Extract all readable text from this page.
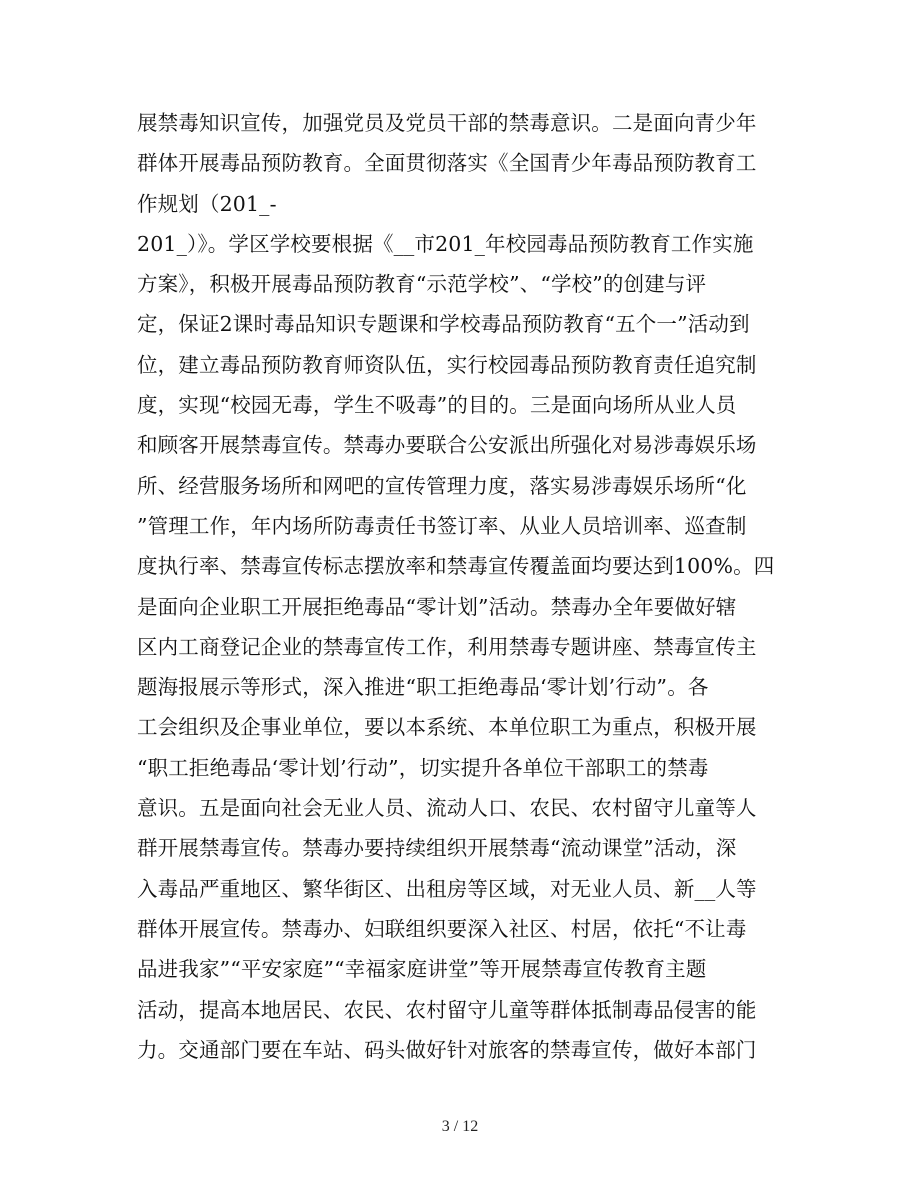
展禁毒知识宣传，加强党员及党员干部的禁毒意识。二是面向青少年
群体开展毒品预防教育。全面贯彻落实《全国青少年毒品预防教育工
作规划（201_-
201_）》。学区学校要根据《__市201_年校园毒品预防教育工作实施
方案》，积极开展毒品预防教育“示范学校”、“学校”的创建与评
定，保证2课时毒品知识专题课和学校毒品预防教育“五个一”活动到
位，建立毒品预防教育师资队伍，实行校园毒品预防教育责任追究制
度，实现“校园无毒，学生不吸毒”的目的。三是面向场所从业人员
和顾客开展禁毒宣传。禁毒办要联合公安派出所强化对易涉毒娱乐场
所、经营服务场所和网吧的宣传管理力度，落实易涉毒娱乐场所“化
”管理工作，年内场所防毒责任书签订率、从业人员培训率、巡查制
度执行率、禁毒宣传标志摆放率和禁毒宣传覆盖面均要达到100%。四
是面向企业职工开展拒绝毒品“零计划”活动。禁毒办全年要做好辖
区内工商登记企业的禁毒宣传工作，利用禁毒专题讲座、禁毒宣传主
题海报展示等形式，深入推进“职工拒绝毒品‘零计划’行动”。各
工会组织及企事业单位，要以本系统、本单位职工为重点，积极开展
“职工拒绝毒品‘零计划’行动”，切实提升各单位干部职工的禁毒
意识。五是面向社会无业人员、流动人口、农民、农村留守儿童等人
群开展禁毒宣传。禁毒办要持续组织开展禁毒“流动课堂”活动，深
入毒品严重地区、繁华街区、出租房等区域，对无业人员、新__人等
群体开展宣传。禁毒办、妇联组织要深入社区、村居，依托“不让毒
品进我家”“平安家庭”“幸福家庭讲堂”等开展禁毒宣传教育主题
活动，提高本地居民、农民、农村留守儿童等群体抵制毒品侵害的能
力。交通部门要在车站、码头做好针对旅客的禁毒宣传，做好本部门
3 / 12
